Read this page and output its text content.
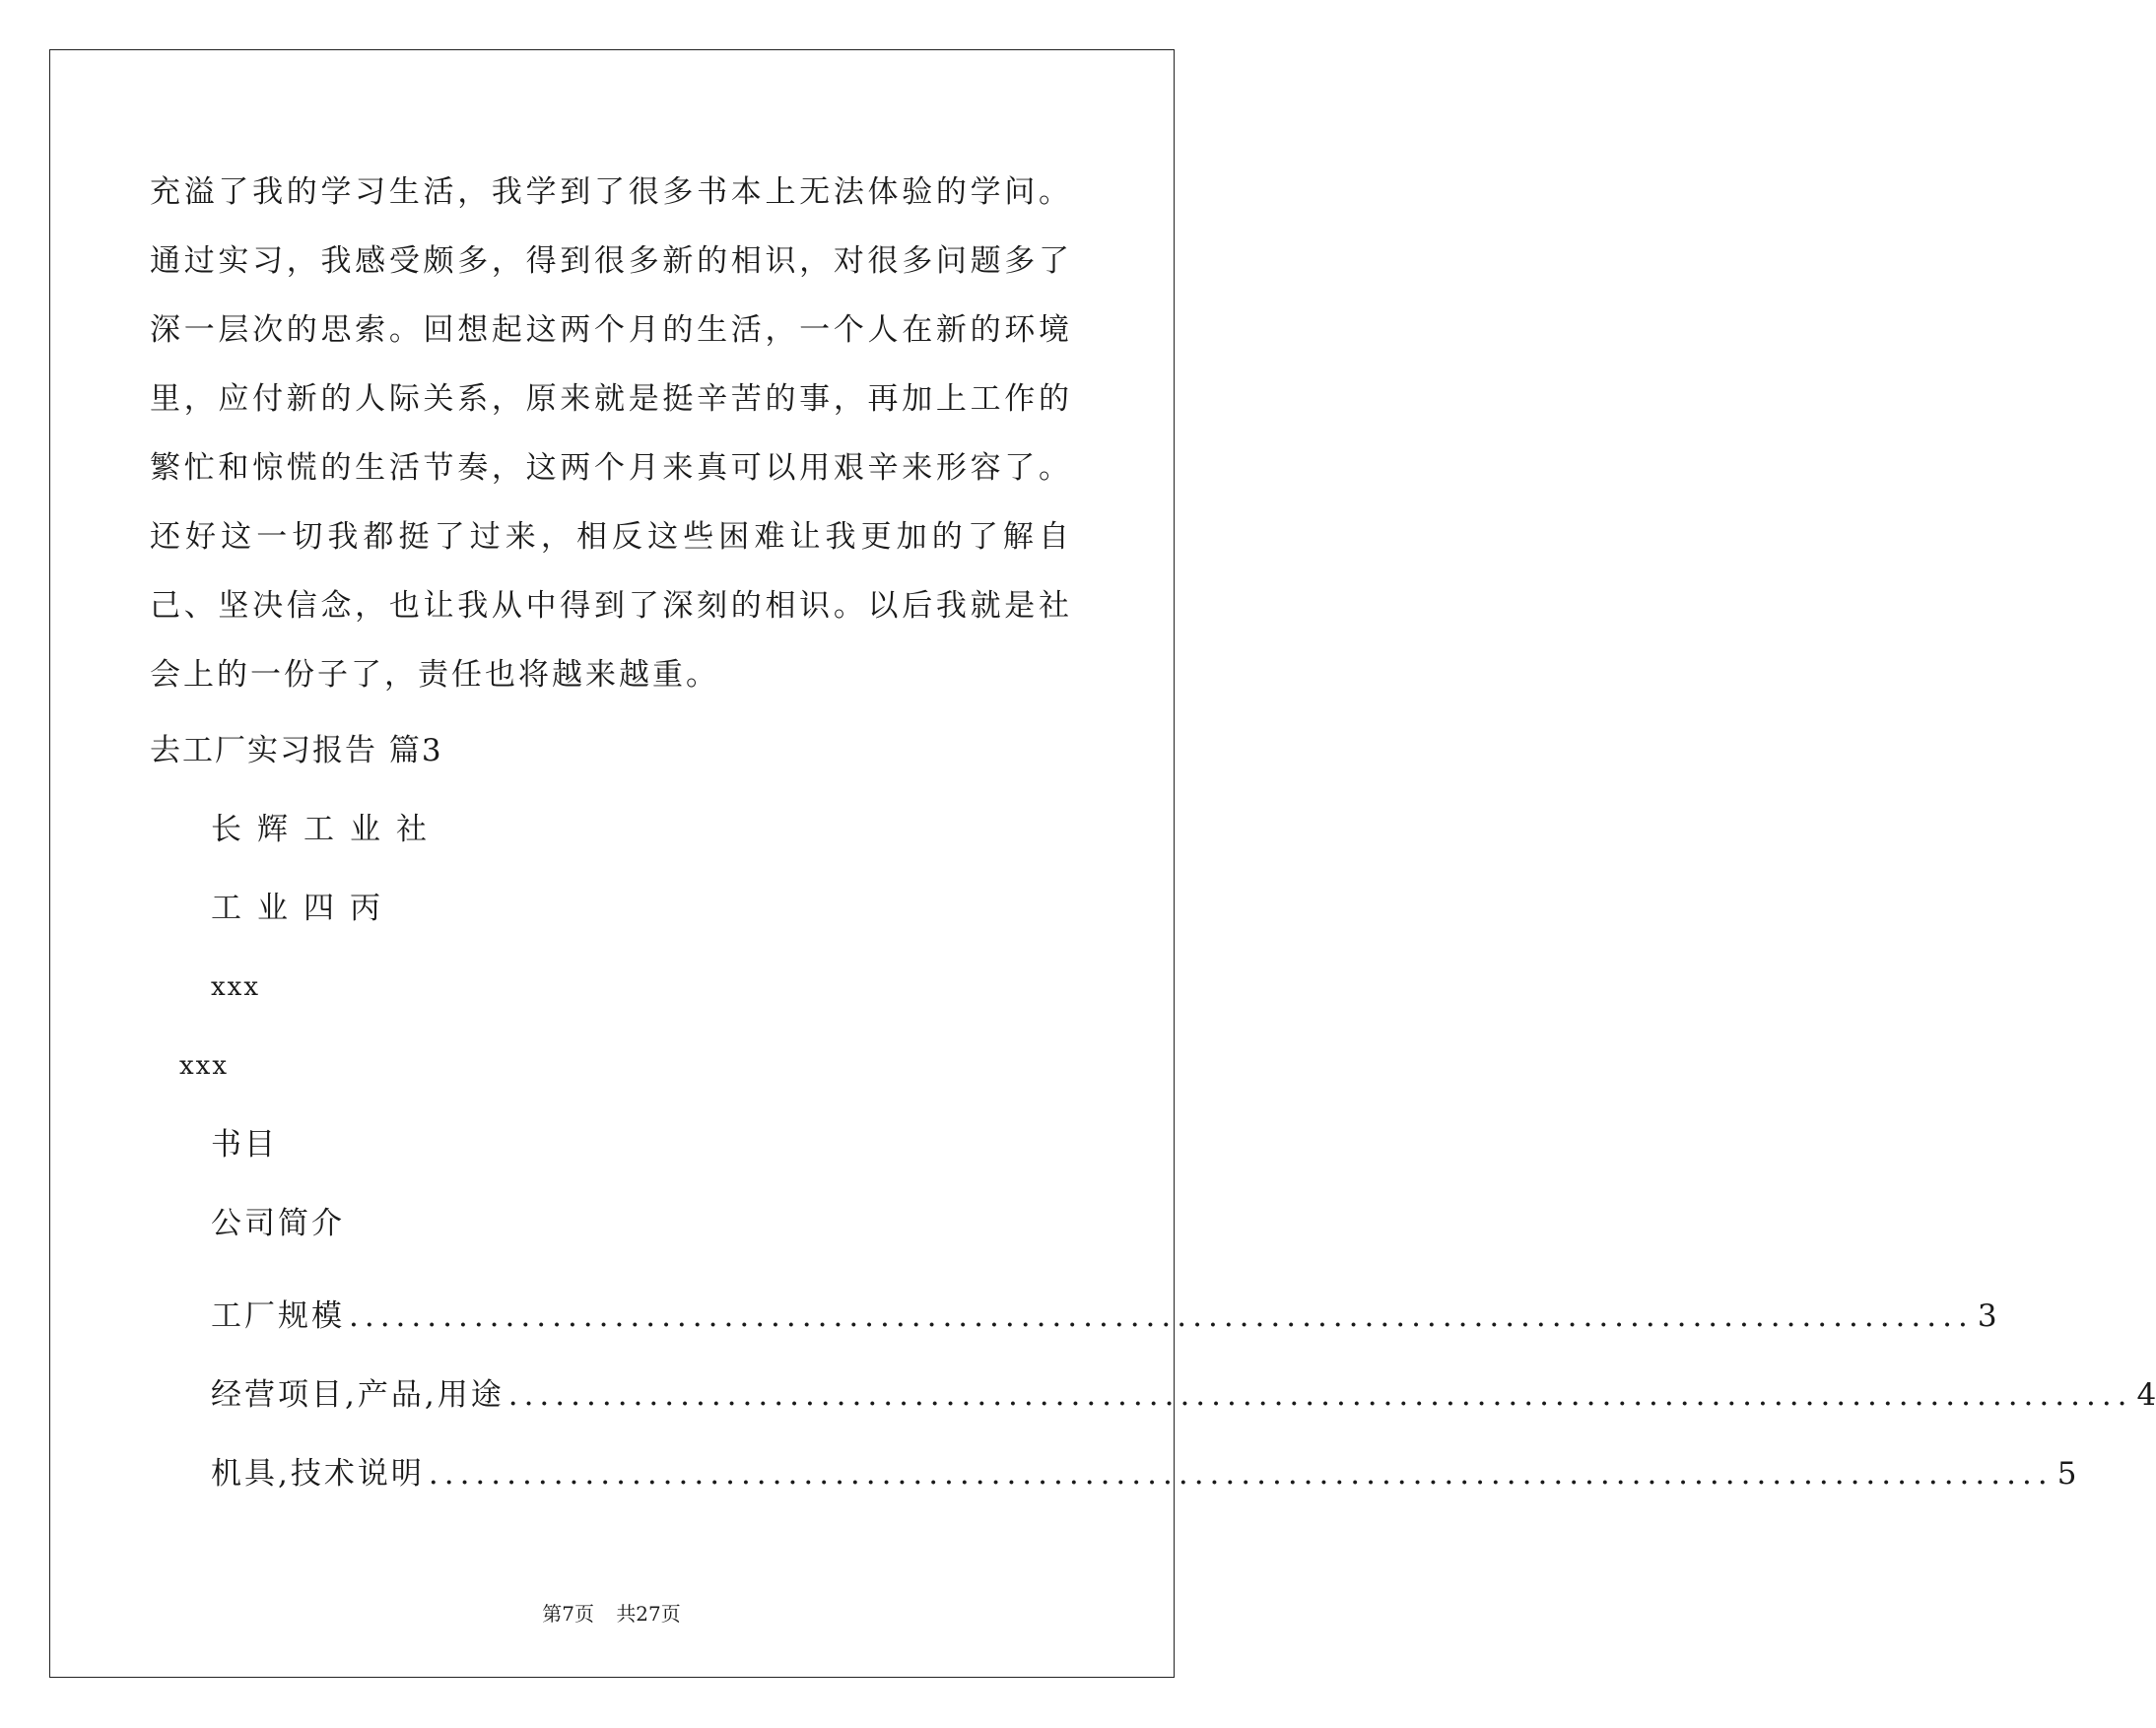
充溢了我的学习生活，我学到了很多书本上无法体验的学问。通过实习，我感受颇多，得到很多新的相识，对很多问题多了深一层次的思索。回想起这两个月的生活，一个人在新的环境里，应付新的人际关系，原来就是挺辛苦的事，再加上工作的繁忙和惊慌的生活节奏，这两个月来真可以用艰辛来形容了。还好这一切我都挺了过来，相反这些困难让我更加的了解自己、坚决信念，也让我从中得到了深刻的相识。以后我就是社会上的一份子了，责任也将越来越重。

去工厂实习报告 篇3
长辉工业社
工业四丙
xxx
xxx
书目
公司简介
工厂规模 ........................................................................................................ 3
经营项目,产品,用途 ........................................................................................................ 4
机具,技术说明 ........................................................................................................ 5
第7页 共27页
